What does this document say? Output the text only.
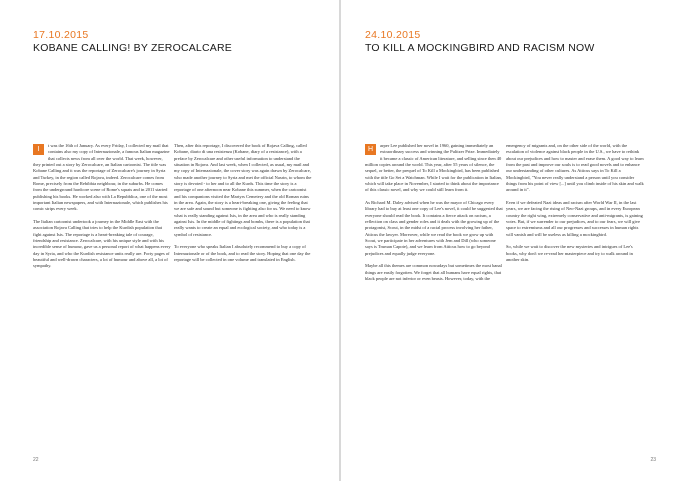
17.10.2015
KOBANE CALLING! BY ZEROCALCARE
I

t was the 16th of January. As every Friday, I collected my mail that contains also my copy of Internazionale, a famous Italian magazine that collects news from all over the world. That week, however, they printed out a story by Zerocalcare, an Italian cartoonist. The title was Kobane Calling and it was the reportage of Zerocalcare's journey in Syria and Turkey, in the region called Rojava, indeed. Zerocalcare comes from Rome, precisely from the Rebibbia neighbour, in the suburbs. He comes from the underground hardcore scene of Rome's squats and in 2011 started publishing his books. He worked also with La Repubblica, one of the most important Italian newspapers, and with Internazionale, which publishes his comic strips every week.

The Italian cartoonist undertook a journey in the Middle East with the association Rojava Calling that tries to help the Kurdish population that fight against Isis. The reportage is a heart-breaking tale of courage, friendship and resistance. Zerocalcare, with his unique style and with his incredible sense of humour, gave us a personal report of what happens every day in Syria, and who the Kurdish resistance units really are. Forty pages of beautiful and well-drawn characters, a lot of humour and above all, a lot of sympathy.

Then, after this reportage, I discovered the book of Rojava Calling, called Kobane, diario di una resistenza (Kobane, diary of a resistance), with a preface by Zerocalcare and other useful information to understand the situation in Rojava. And last week, when I collected, as usual, my mail and my copy of Internazionale, the cover story was again drawn by Zerocalcare, who made another journey to Syria and met the official Nasrin, to whom the story is devoted - to her and to all the Kurds. This time the story is a reportage of one afternoon near Kobane this summer, when the cartoonist and his companions visited the Martyrs Cemetery and the old Roman ruins in the area. Again, the story is a heart-breaking one, giving the feeling that we are safe and sound but someone is fighting also for us. We need to know what is really standing against Isis, in the area and who is really standing against Isis. In the middle of fightings and bombs, there is a population that really wants to create an equal and ecological society, and who today is a symbol of resistance.

To everyone who speaks Italian I absolutely recommend to buy a copy of Internazionale or of the book, and to read the story. Hoping that one day the reportage will be collected in one volume and translated in English.

22
24.10.2015
TO KILL A MOCKINGBIRD AND RACISM NOW
H

arper Lee published her novel in 1960, gaining immediately an extraordinary success and winning the Pulitzer Prize. Immediately it became a classic of American literature, and selling since then 40 million copies around the world. This year, after 55 years of silence, the sequel, or better, the prequel of To Kill a Mockingbird, has been published with the title Go Set a Watchman. While I wait for the publication in Italian, which will take place in November, I started to think about the importance of this classic novel, and why we could still learn from it.

As Richard M. Daley advised when he was the mayor of Chicago every library had to buy at least one copy of Lee's novel, it could be suggested that everyone should read the book. It contains a fierce attack on racism, a reflection on class and gender roles and it deals with the growing up of the protagonist, Scout, in the midst of a racial process involving her father, Atticus the lawyer. Moreover, while we read the book we grow up with Scout, we participate in her adventures with Jem and Dill (who someone says is Truman Capote), and we learn from Atticus how to go beyond prejudices and equally judge everyone.

Maybe all this themes are common nowadays but sometimes the most banal things are easily forgotten. We forget that all humans have equal rights, that black people are not inferior or even beasts. However, today, with the

emergency of migrants and, on the other side of the world, with the escalation of violence against black people in the U.S., we have to rethink about our prejudices and how to master and erase them. A good way to learn from the past and improve our souls is to read good novels and to enhance our understanding of other cultures. As Atticus says in To Kill a Mockingbird, "You never really understand a person until you consider things from his point of view [...] until you climb inside of his skin and walk around in it".

Even if we defeated Nazi ideas and racism after World War II, in the last years, we are facing the rising of Neo-Nazi groups, and in every European country the right wing, extremely conservative and anti-migrants, is gaining votes. But, if we surrender to our prejudices, and to our fears, we will give space to extremisms and all our progresses and successes in human rights will vanish and will be useless as killing a mockingbird.

So, while we wait to discover the new mysteries and intrigues of Lee's books, why don't we re-read her masterpiece and try to walk around in another skin.

23
